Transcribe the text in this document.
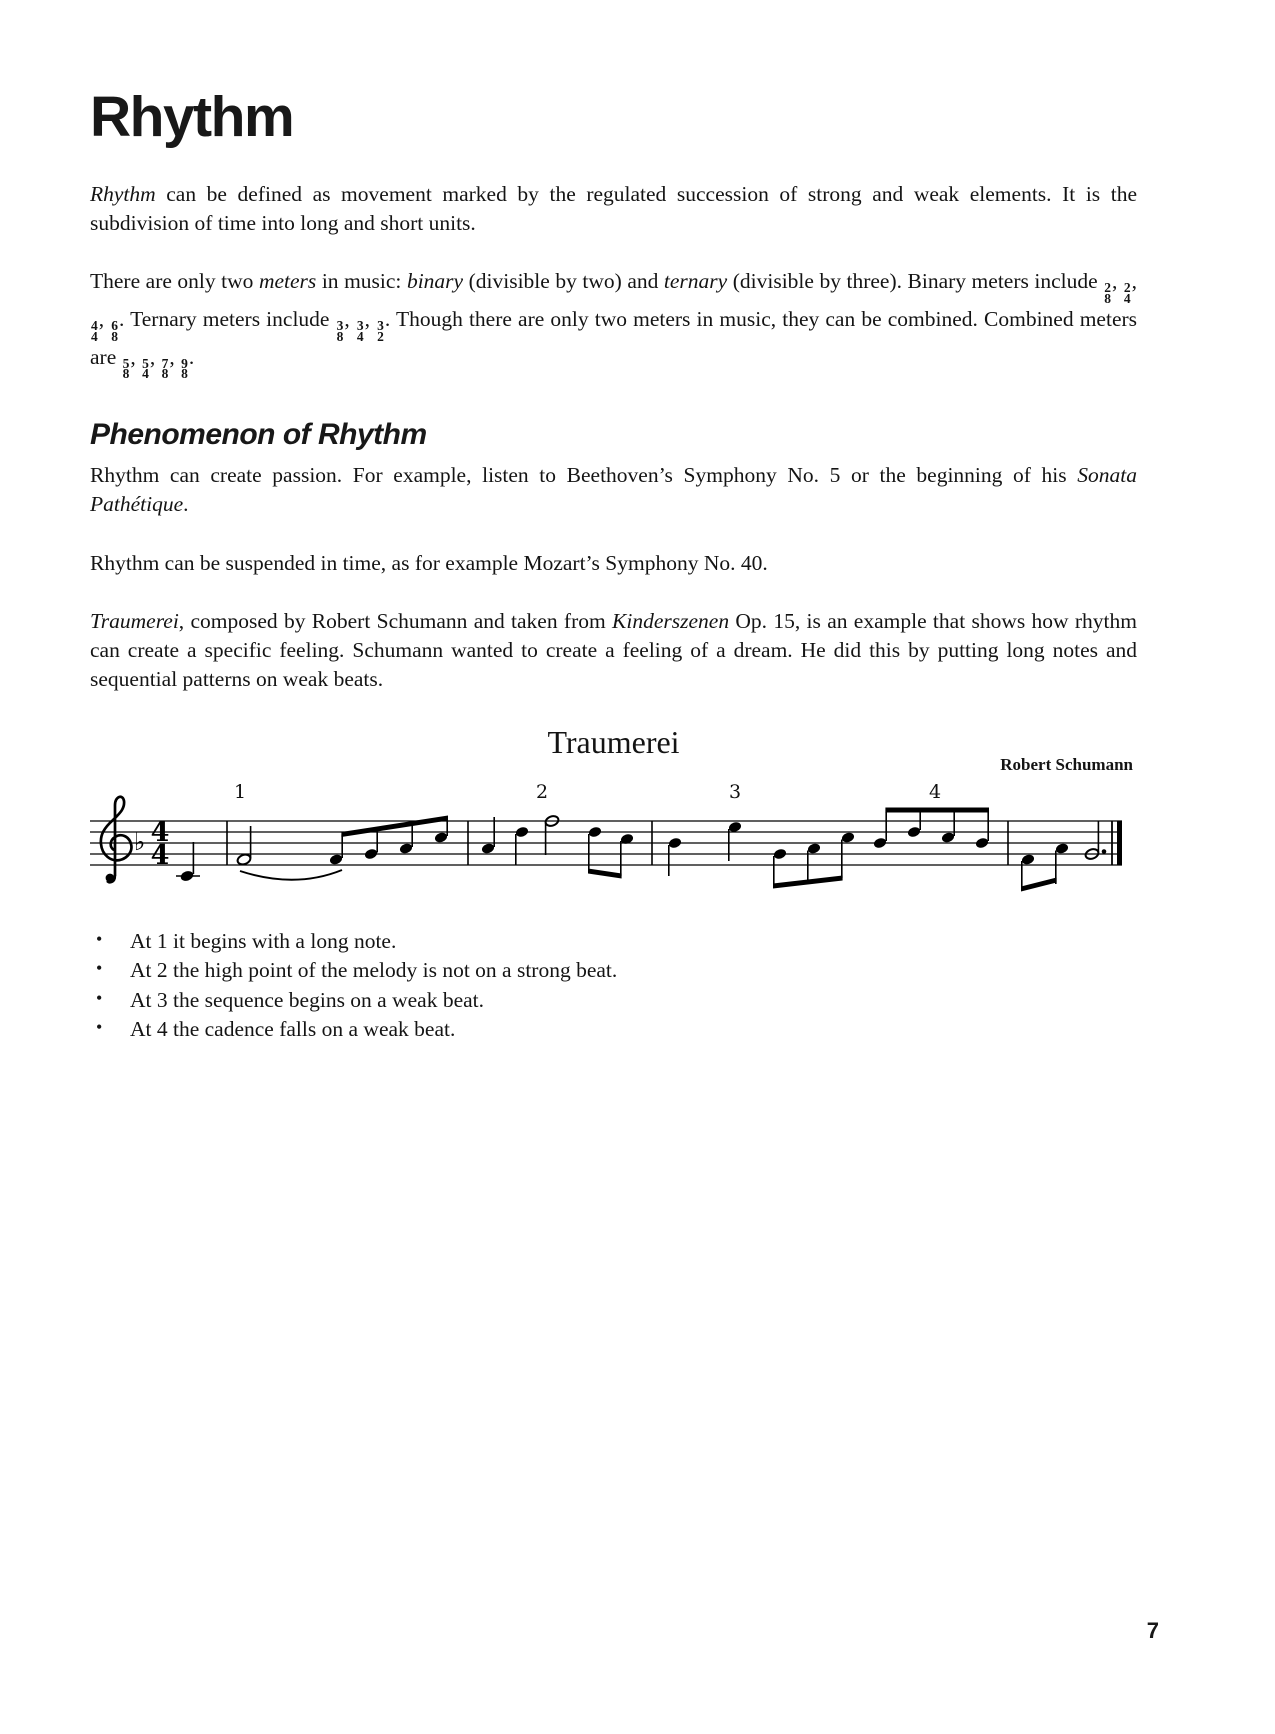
Rhythm

Rhythm can be defined as movement marked by the regulated succession of strong and weak elements. It is the subdivision of time into long and short units.

There are only two meters in music: binary (divisible by two) and ternary (divisible by three). Binary meters include 2
8
, 2
4
,
4
4
, 6
8
. Ternary meters include 3
8
, 3
4
, 3
2
. Though there are only two meters in music, they can be combined. Combined meters are 5
8
, 5
4
, 7
8
, 9
8
.

Phenomenon of Rhythm

Rhythm can create passion. For example, listen to Beethoven’s Symphony No. 5 or the beginning of his Sonata Pathétique.

Rhythm can be suspended in time, as for example Mozart’s Symphony No. 40.

Traumerei, composed by Robert Schumann and taken from Kinderszenen Op. 15, is an example that shows how rhythm can create a specific feeling. Schumann wanted to create a feeling of a dream. He did this by putting long notes and sequential patterns on weak beats.

Traumerei
Robert Schumann
1	2	3	4
♭ 4
4
•	At 1 it begins with a long note.
•	At 2 the high point of the melody is not on a strong beat.
•	At 3 the sequence begins on a weak beat.
•	At 4 the cadence falls on a weak beat.
7
